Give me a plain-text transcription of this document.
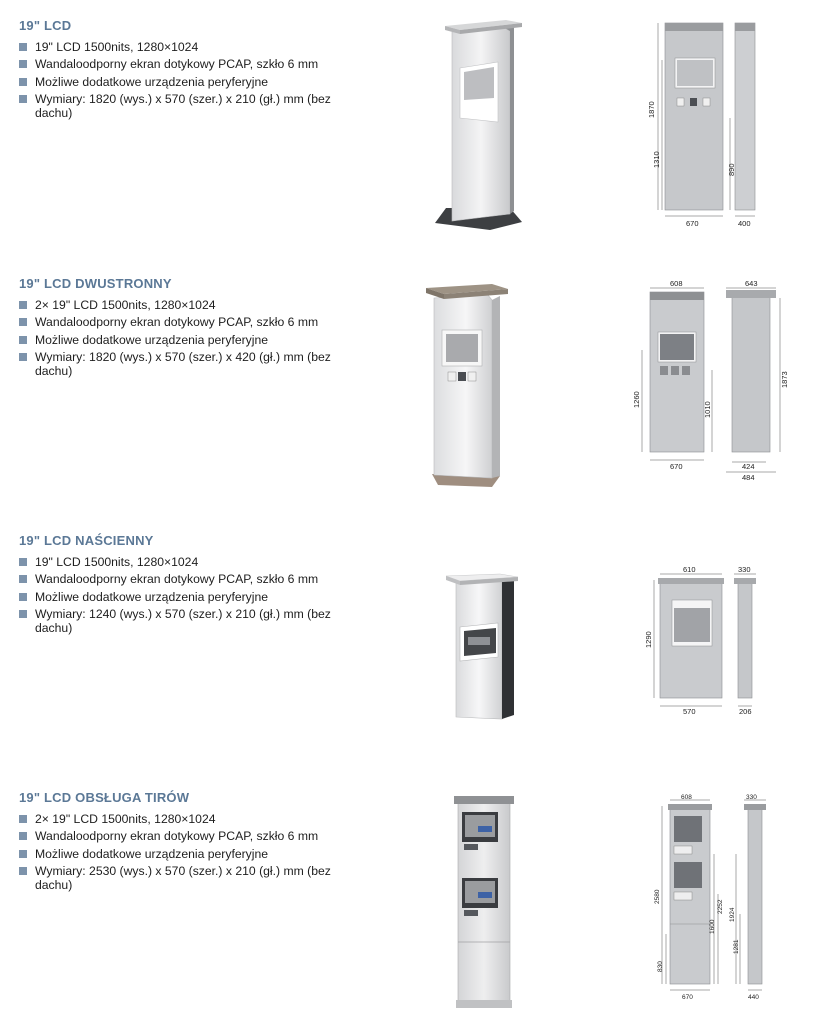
19" LCD
19" LCD 1500nits, 1280×1024
Wandaloodporny ekran dotykowy PCAP, szkło 6 mm
Możliwe dodatkowe urządzenia peryferyjne
Wymiary: 1820 (wys.) x 570 (szer.) x 210 (gł.) mm (bez dachu)	1870
1310
890
670	400
19" LCD DWUSTRONNY
2× 19" LCD 1500nits, 1280×1024
Wandaloodporny ekran dotykowy PCAP, szkło 6 mm
Możliwe dodatkowe urządzenia peryferyjne
Wymiary: 1820 (wys.) x 570 (szer.) x 420 (gł.) mm (bez dachu)
608	643
1260
1010
1873
670	424
484
19" LCD NAŚCIENNY
19" LCD 1500nits, 1280×1024
Wandaloodporny ekran dotykowy PCAP, szkło 6 mm
Możliwe dodatkowe urządzenia peryferyjne
Wymiary: 1240 (wys.) x 570 (szer.) x 210 (gł.) mm (bez dachu)
610	330
1290
570	206
19" LCD OBSŁUGA TIRÓW
2× 19" LCD 1500nits, 1280×1024
Wandaloodporny ekran dotykowy PCAP, szkło 6 mm
Możliwe dodatkowe urządzenia peryferyjne
Wymiary: 2530 (wys.) x 570 (szer.) x 210 (gł.) mm (bez dachu)
608	330
2580
2252
1600
1924
830
1281
670	440
